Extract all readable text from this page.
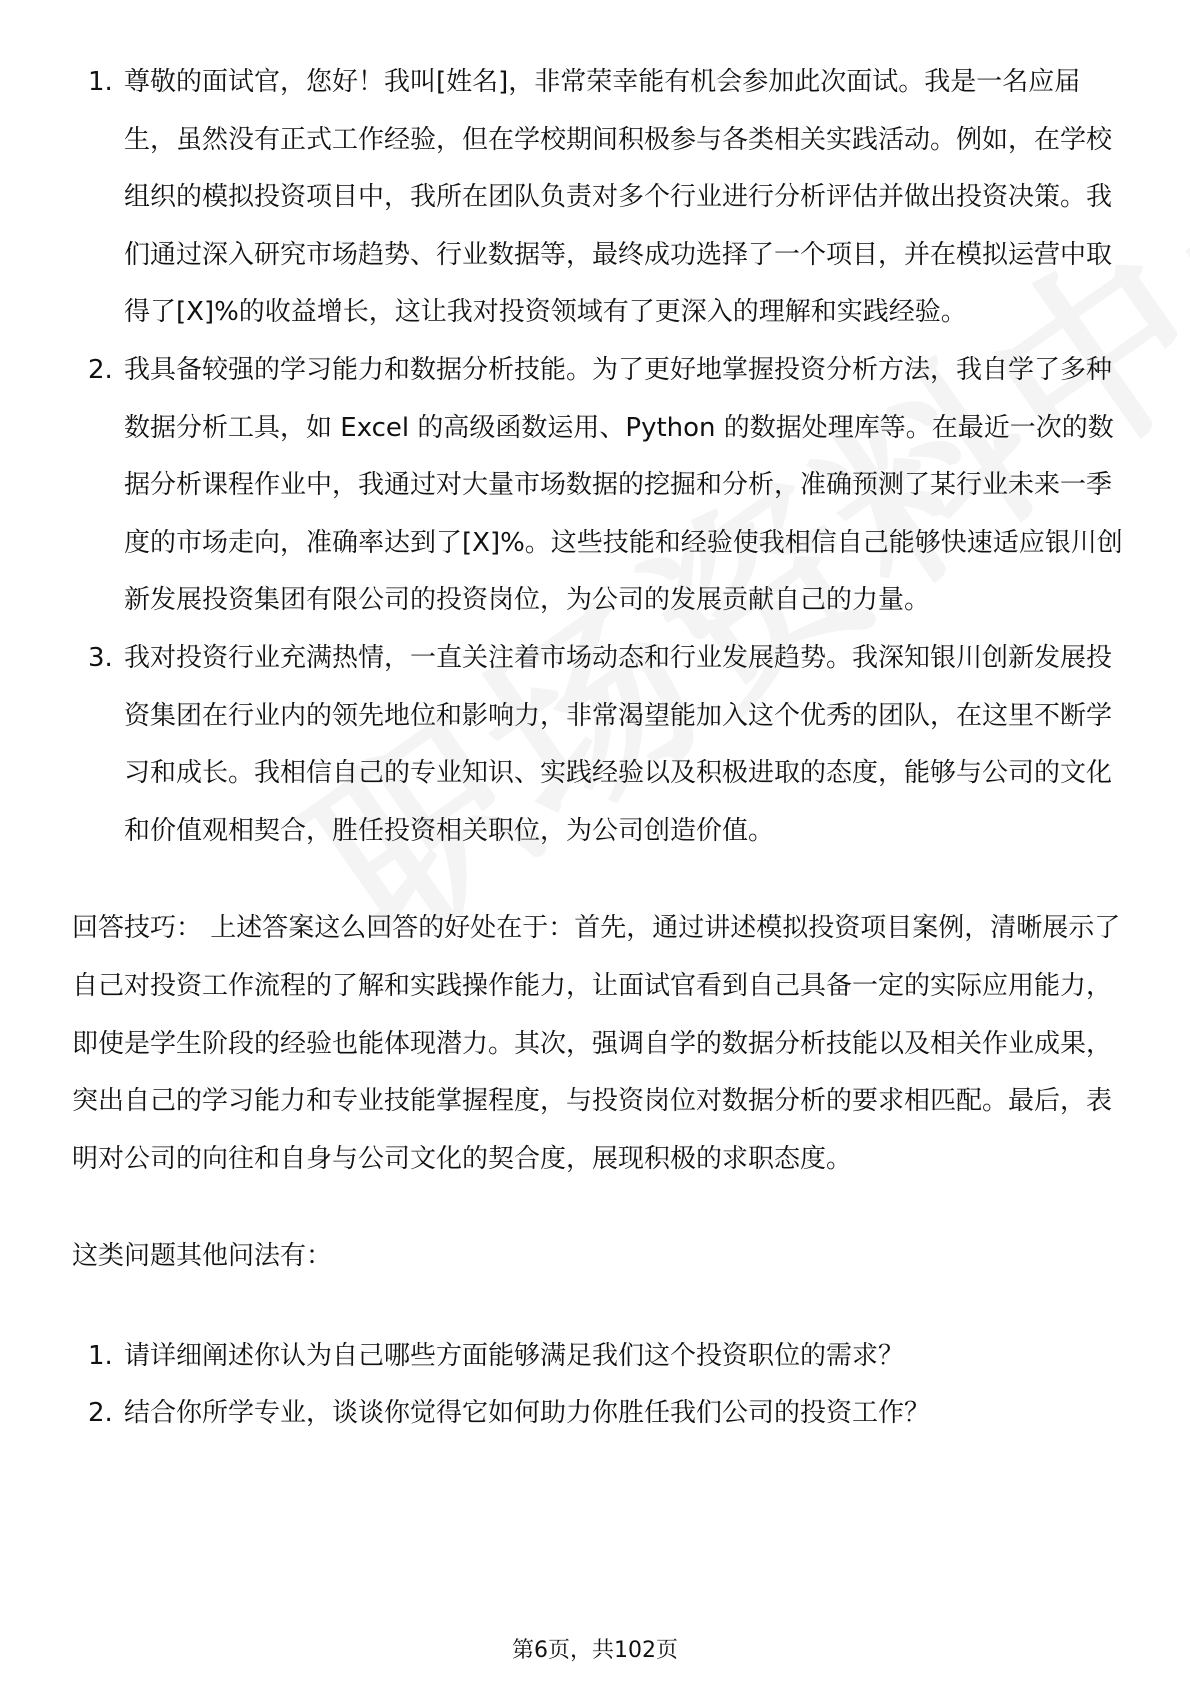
1. 尊敬的面试官，您好！我叫[姓名]，非常荣幸能有机会参加此次面试。我是一名应届生，虽然没有正式工作经验，但在学校期间积极参与各类相关实践活动。例如，在学校组织的模拟投资项目中，我所在团队负责对多个行业进行分析评估并做出投资决策。我们通过深入研究市场趋势、行业数据等，最终成功选择了一个项目，并在模拟运营中取得了[X]%的收益增长，这让我对投资领域有了更深入的理解和实践经验。
2. 我具备较强的学习能力和数据分析技能。为了更好地掌握投资分析方法，我自学了多种数据分析工具，如 Excel 的高级函数运用、Python 的数据处理库等。在最近一次的数据分析课程作业中，我通过对大量市场数据的挖掘和分析，准确预测了某行业未来一季度的市场走向，准确率达到了[X]%。这些技能和经验使我相信自己能够快速适应银川创新发展投资集团有限公司的投资岗位，为公司的发展贡献自己的力量。
3. 我对投资行业充满热情，一直关注着市场动态和行业发展趋势。我深知银川创新发展投资集团在行业内的领先地位和影响力，非常渴望能加入这个优秀的团队，在这里不断学习和成长。我相信自己的专业知识、实践经验以及积极进取的态度，能够与公司的文化和价值观相契合，胜任投资相关职位，为公司创造价值。

回答技巧： 上述答案这么回答的好处在于：首先，通过讲述模拟投资项目案例，清晰展示了自己对投资工作流程的了解和实践操作能力，让面试官看到自己具备一定的实际应用能力，即使是学生阶段的经验也能体现潜力。其次，强调自学的数据分析技能以及相关作业成果，突出自己的学习能力和专业技能掌握程度，与投资岗位对数据分析的要求相匹配。最后，表明对公司的向往和自身与公司文化的契合度，展现积极的求职态度。

这类问题其他问法有：

1. 请详细阐述你认为自己哪些方面能够满足我们这个投资职位的需求？
2. 结合你所学专业，谈谈你觉得它如何助力你胜任我们公司的投资工作？
第6页，共102页
